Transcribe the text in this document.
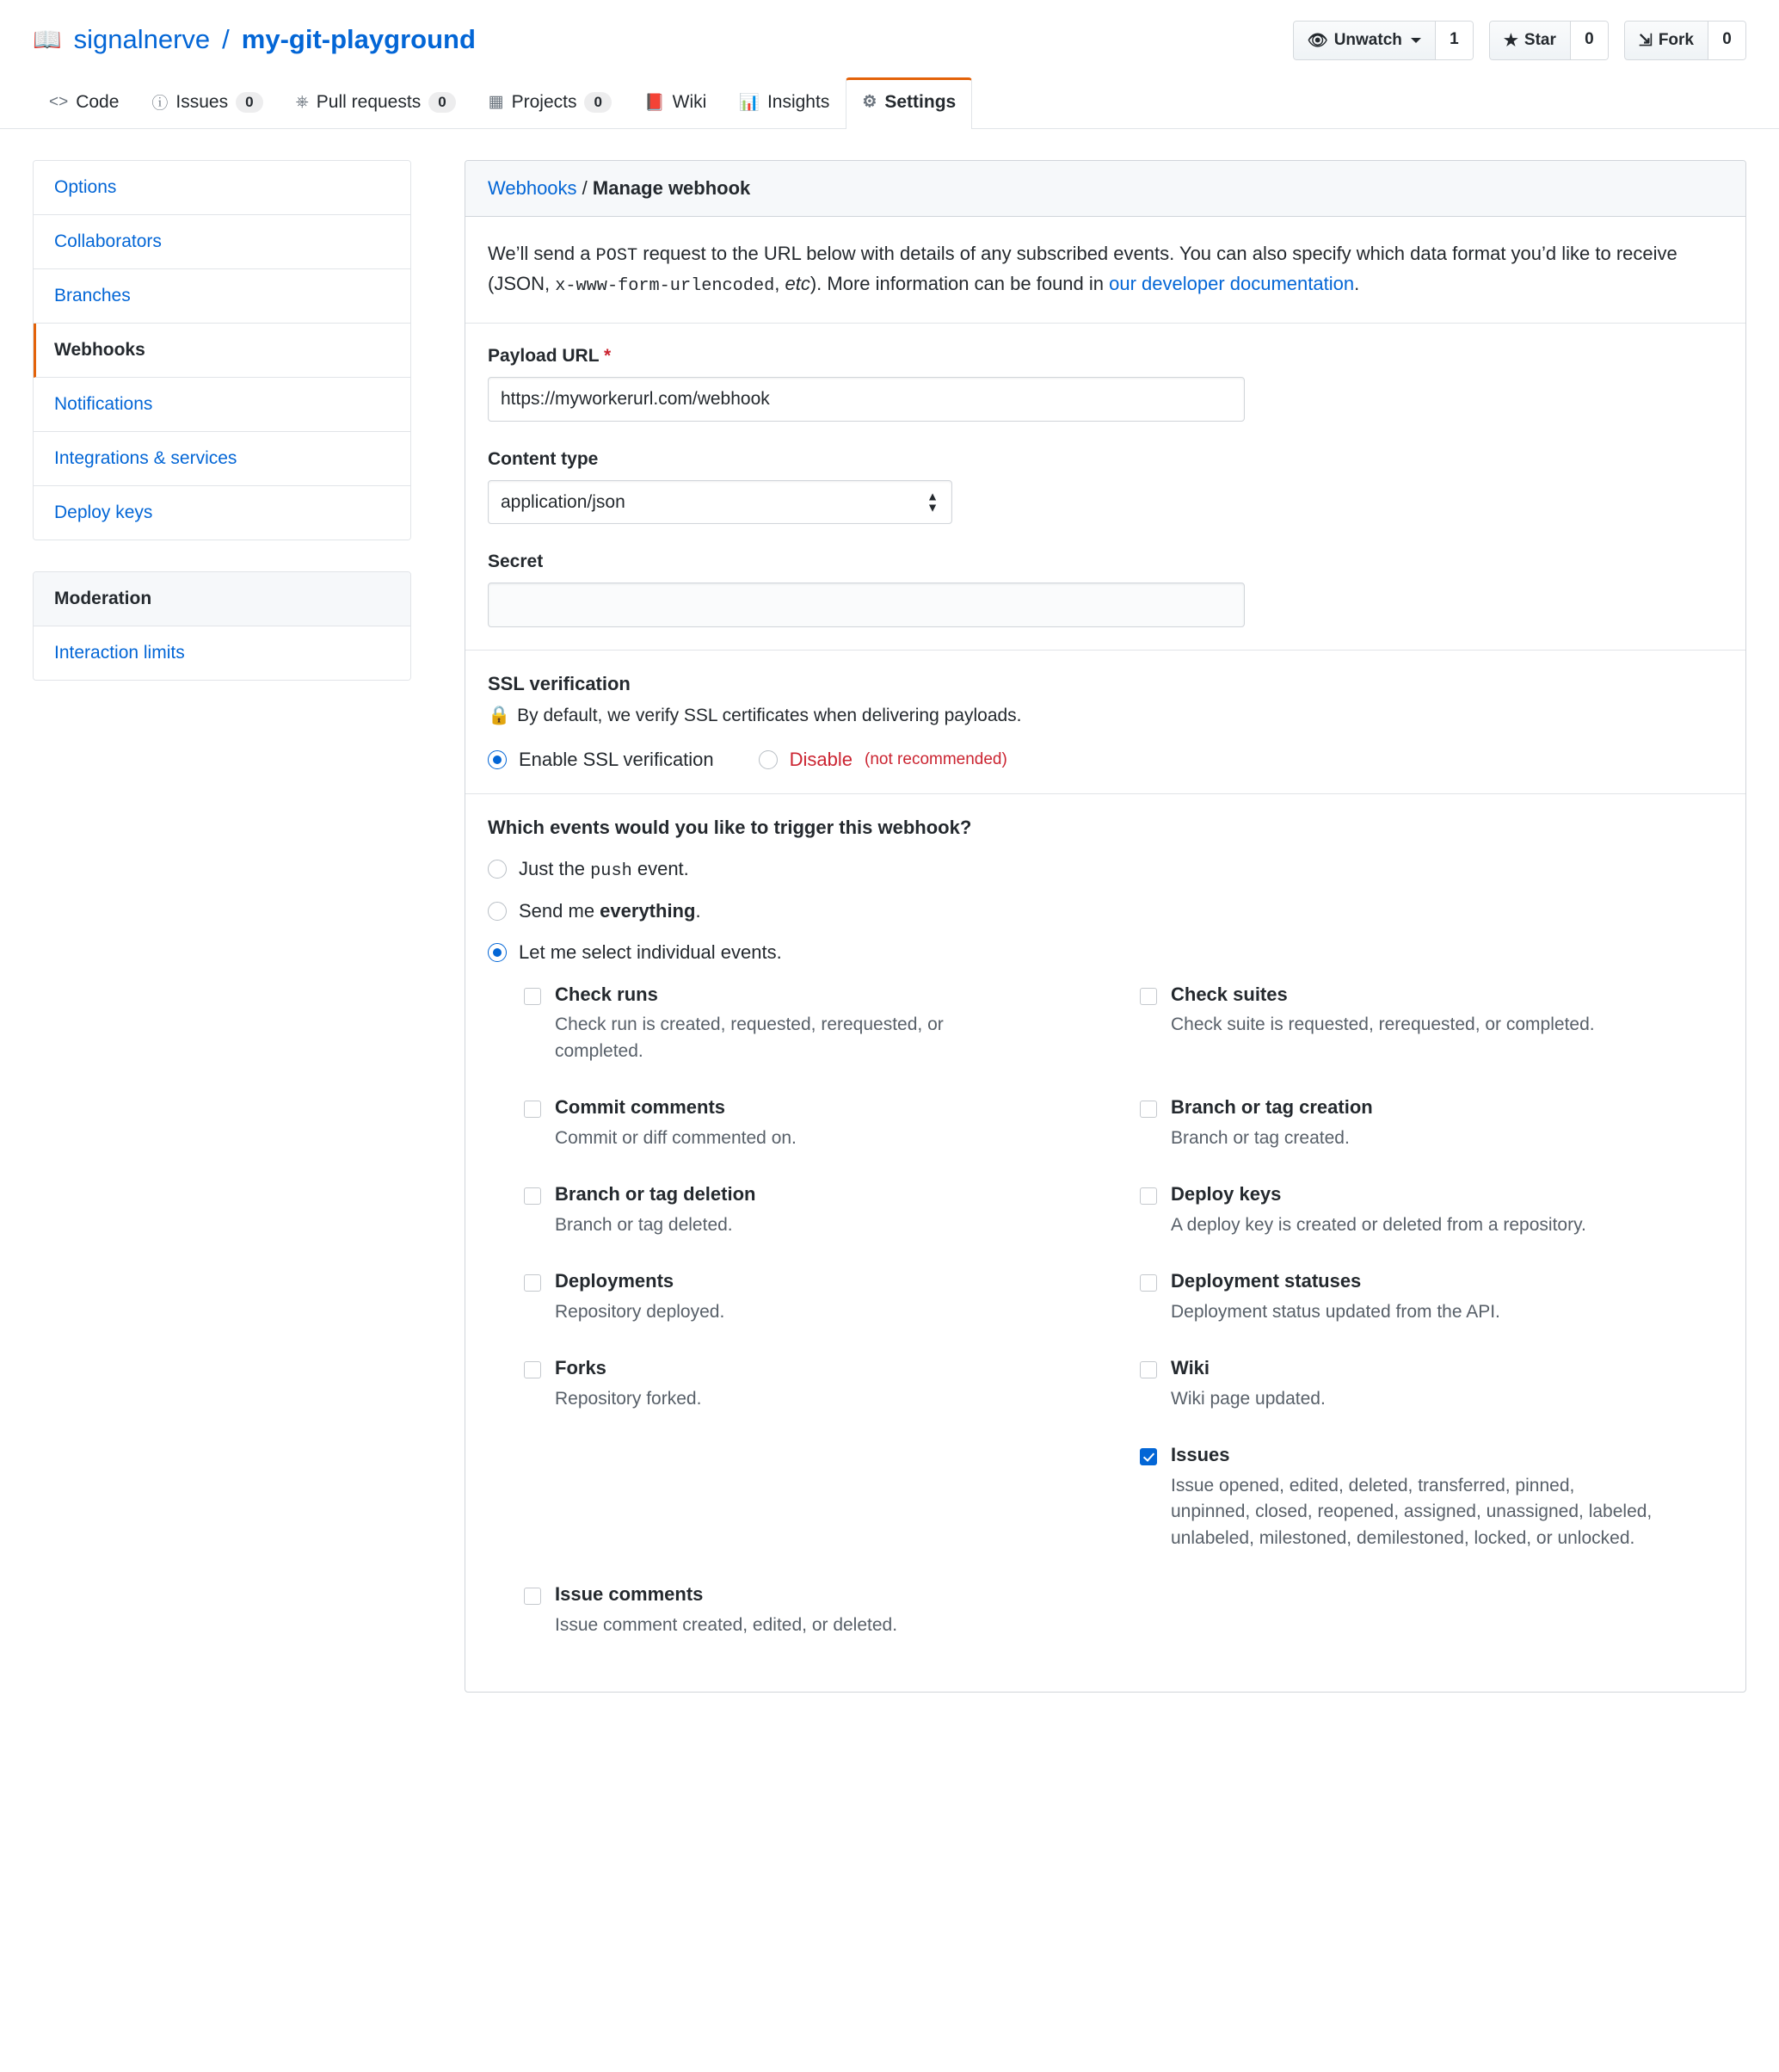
📖 signalnerve / my-git-playground	👁 Unwatch	1	★ Star	0	⇲ Fork	0
<> Code ⓘ Issues	0	⎈ Pull requests	0	▦ Projects	0	📕 Wiki 📊 Insights ⚙ Settings
Options
Collaborators
Branches
Webhooks
Notifications
Integrations & services
Deploy keys
Moderation
Interaction limits
Webhooks / Manage webhook
We’ll send a POST request to the URL below with details of any subscribed events. You can also specify which data format you’d like to receive (JSON, x-www-form-urlencoded, etc). More information can be found in our developer documentation.
Payload URL *
https://myworkerurl.com/webhook
Content type
application/json
▲
▼
Secret
SSL verification
🔒 By default, we verify SSL certificates when delivering payloads.
Enable SSL verification	Disable (not recommended)
Which events would you like to trigger this webhook?
Just the push event.
Send me everything.
Let me select individual events.
Check runs
Check run is created, requested, rerequested, or completed.
Check suites
Check suite is requested, rerequested, or completed.
Commit comments
Commit or diff commented on.
Branch or tag creation
Branch or tag created.
Branch or tag deletion
Branch or tag deleted.
Deploy keys
A deploy key is created or deleted from a repository.
Deployments
Repository deployed.
Deployment statuses
Deployment status updated from the API.
Forks
Repository forked.
Wiki
Wiki page updated.
Issues
Issue opened, edited, deleted, transferred, pinned, unpinned, closed, reopened, assigned, unassigned, labeled, unlabeled, milestoned, demilestoned, locked, or unlocked.
Issue comments
Issue comment created, edited, or deleted.
